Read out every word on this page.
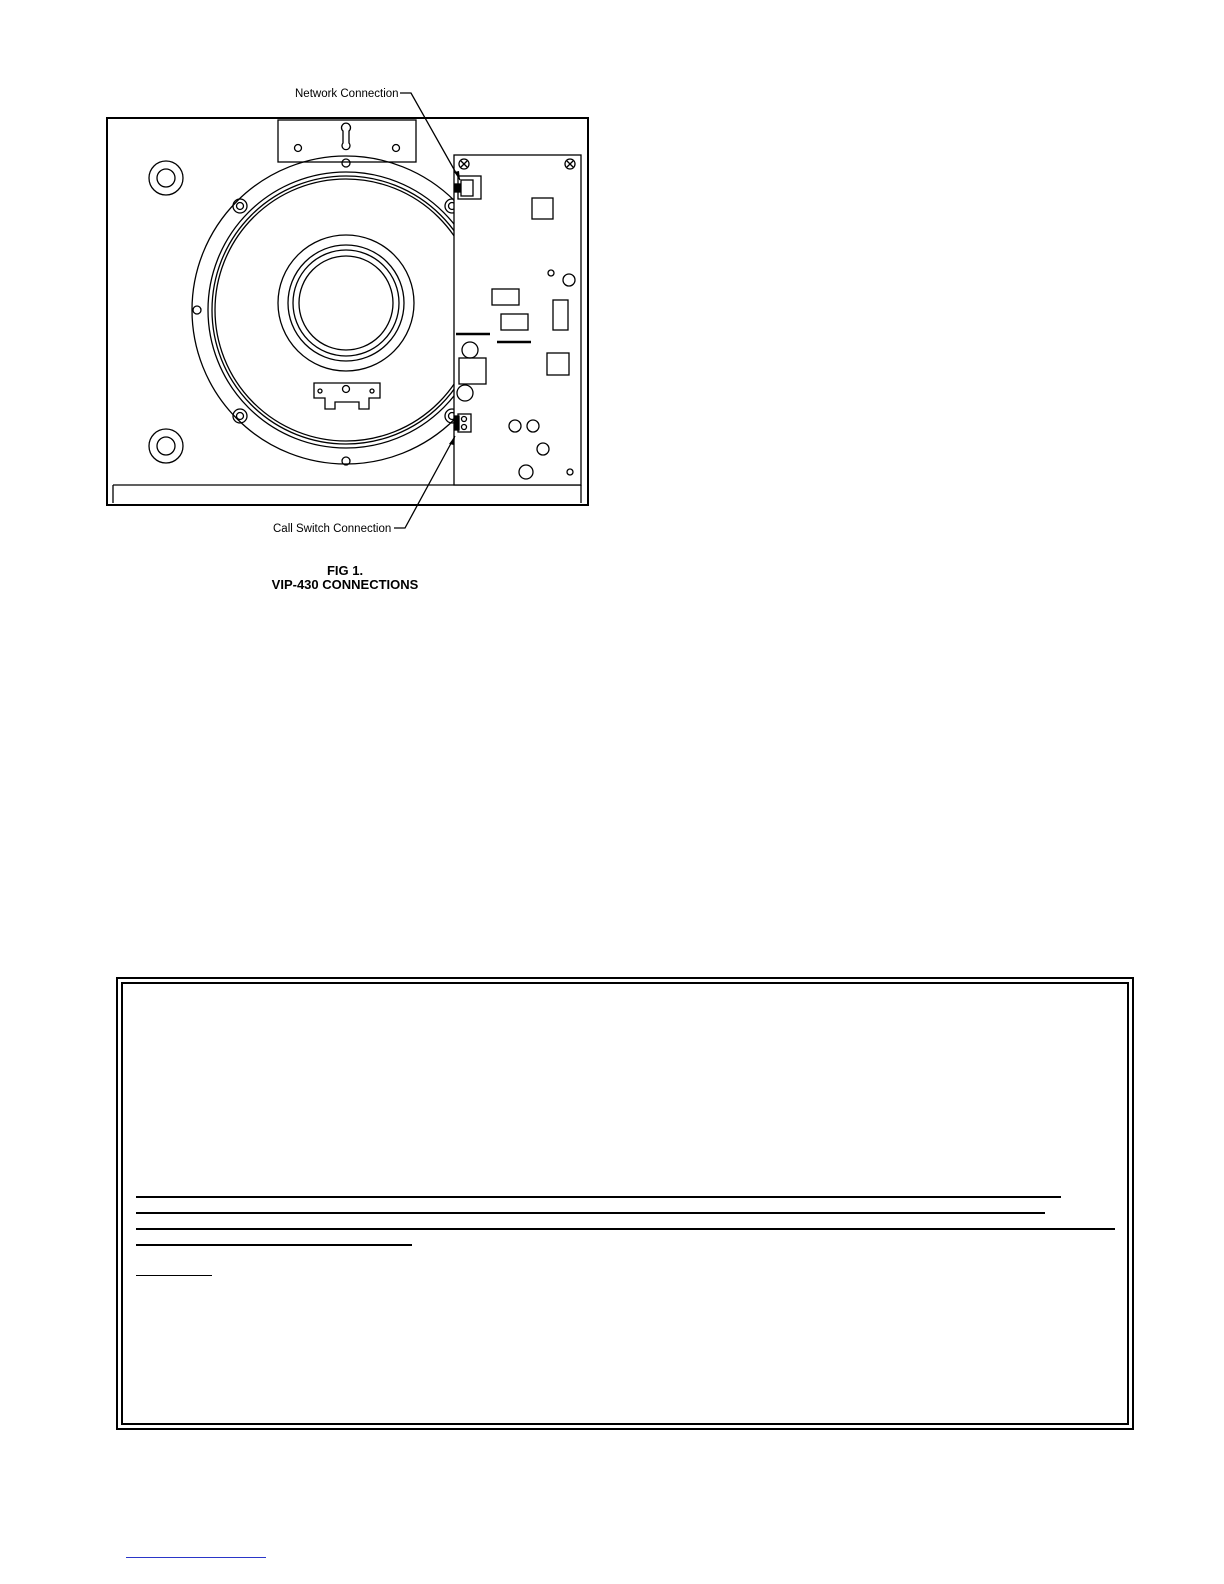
Network Connection
Call Switch Connection
FIG 1.
VIP-430 CONNECTIONS
